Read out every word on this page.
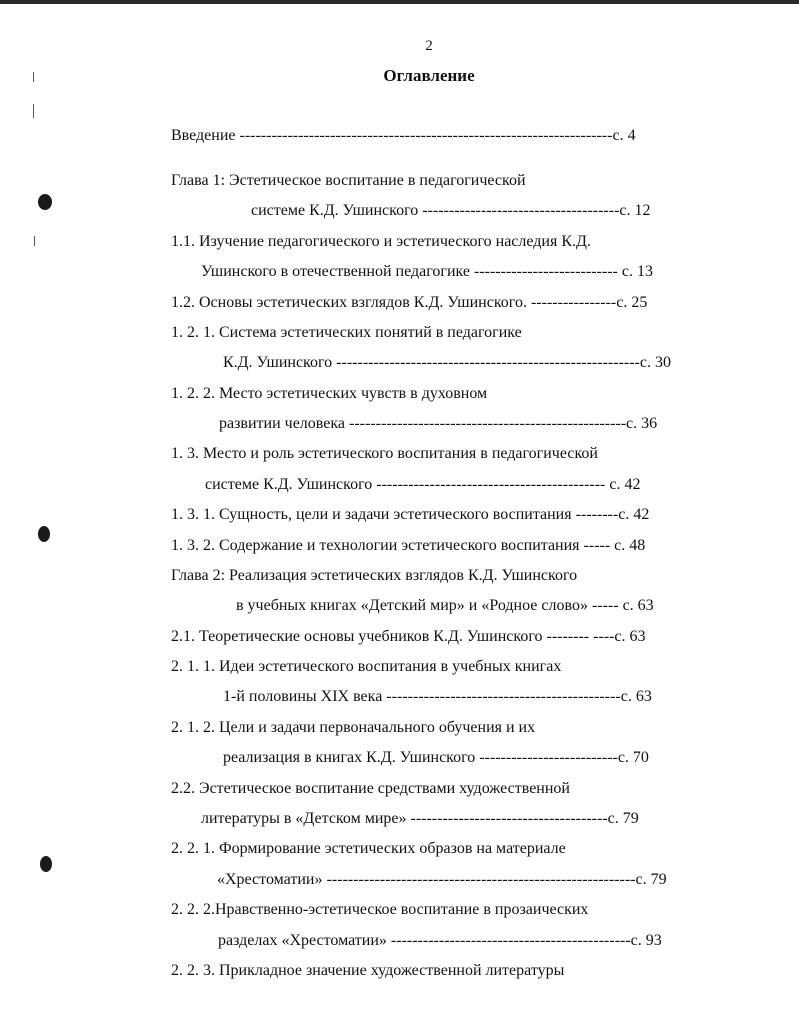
2
Оглавление
Введение ----------------------------------------------------------------------с. 4
Глава 1: Эстетическое воспитание в педагогической
системе К.Д. Ушинского -------------------------------------с. 12
1.1. Изучение педагогического и эстетического наследия К.Д.
Ушинского в отечественной педагогике --------------------------- с. 13
1.2. Основы эстетических взглядов К.Д. Ушинского. ----------------с. 25
1. 2. 1. Система эстетических понятий в педагогике
К.Д. Ушинского ---------------------------------------------------------с. 30
1. 2. 2. Место эстетических чувств в духовном
развитии человека ----------------------------------------------------с. 36
1. 3. Место и роль эстетического воспитания в педагогической
системе К.Д. Ушинского ------------------------------------------- с. 42
1. 3. 1. Сущность, цели и задачи эстетического воспитания --------с. 42
1. 3. 2. Содержание и технологии эстетического воспитания ----- с. 48
Глава 2: Реализация эстетических взглядов К.Д. Ушинского
в учебных книгах «Детский мир» и «Родное слово» ----- с. 63
2.1. Теоретические основы учебников К.Д. Ушинского -------- ----с. 63
2. 1. 1. Идеи эстетического воспитания в учебных книгах
1-й половины XIX века --------------------------------------------с. 63
2. 1. 2. Цели и задачи первоначального обучения и их
реализация в книгах К.Д. Ушинского --------------------------с. 70
2.2. Эстетическое воспитание средствами художественной
литературы в «Детском мире» -------------------------------------с. 79
2. 2. 1. Формирование эстетических образов на материале
«Хрестоматии» ----------------------------------------------------------с. 79
2. 2. 2.Нравственно-эстетическое воспитание в прозаических
разделах «Хрестоматии» ---------------------------------------------с. 93
2. 2. 3. Прикладное значение художественной литературы
